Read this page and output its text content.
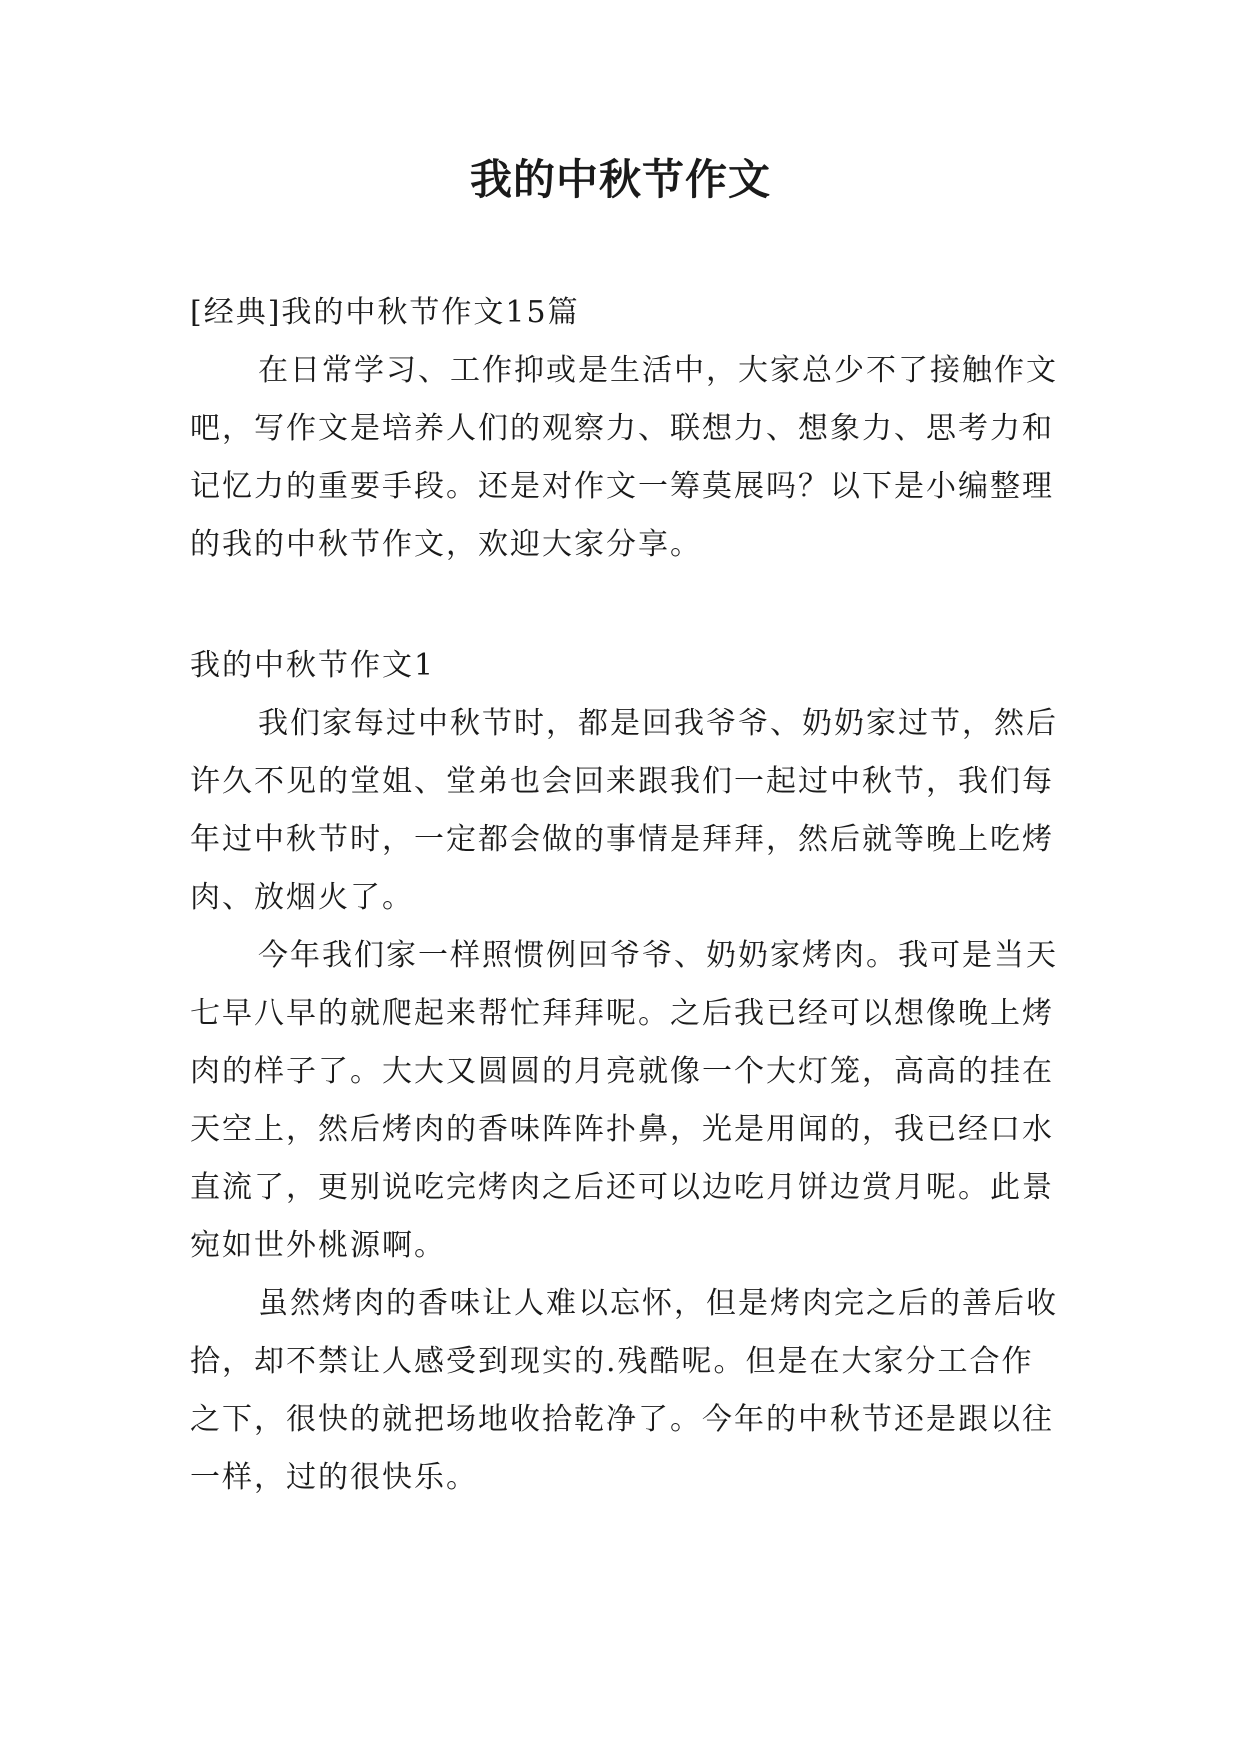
我的中秋节作文
[经典]我的中秋节作文15篇

在日常学习、工作抑或是生活中，大家总少不了接触作文吧，写作文是培养人们的观察力、联想力、想象力、思考力和记忆力的重要手段。还是对作文一筹莫展吗？以下是小编整理的我的中秋节作文，欢迎大家分享。

我的中秋节作文1

我们家每过中秋节时，都是回我爷爷、奶奶家过节，然后许久不见的堂姐、堂弟也会回来跟我们一起过中秋节，我们每年过中秋节时，一定都会做的事情是拜拜，然后就等晚上吃烤肉、放烟火了。

今年我们家一样照惯例回爷爷、奶奶家烤肉。我可是当天七早八早的就爬起来帮忙拜拜呢。之后我已经可以想像晚上烤肉的样子了。大大又圆圆的月亮就像一个大灯笼，高高的挂在天空上，然后烤肉的香味阵阵扑鼻，光是用闻的，我已经口水直流了，更别说吃完烤肉之后还可以边吃月饼边赏月呢。此景宛如世外桃源啊。

虽然烤肉的香味让人难以忘怀，但是烤肉完之后的善后收拾，却不禁让人感受到现实的.残酷呢。但是在大家分工合作之下，很快的就把场地收拾乾净了。今年的中秋节还是跟以往一样，过的很快乐。
